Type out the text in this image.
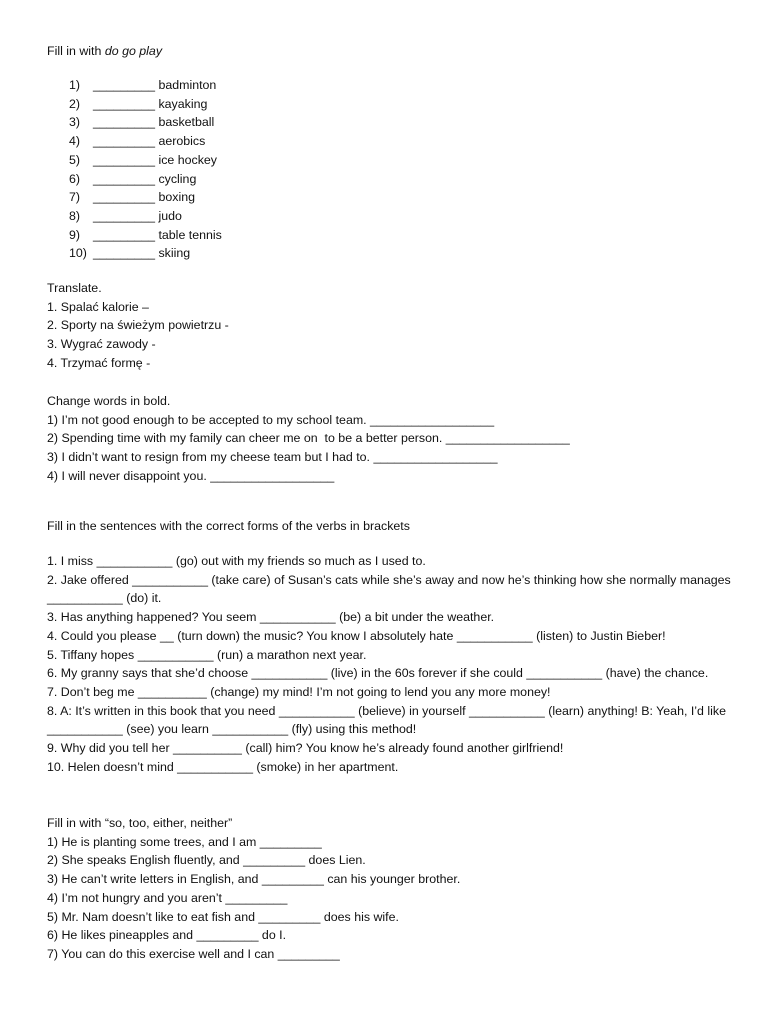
Fill in with do go play
1) _________ badminton
2) _________ kayaking
3) _________ basketball
4) _________ aerobics
5) _________ ice hockey
6) _________ cycling
7) _________ boxing
8) _________ judo
9) _________ table tennis
10) _________ skiing
Translate.
1. Spalać kalorie –
2. Sporty na świeżym powietrzu -
3. Wygrać zawody -
4. Trzymać formę -
Change words in bold.
1) I’m not good enough to be accepted to my school team. __________________
2) Spending time with my family can cheer me on  to be a better person. __________________
3) I didn’t want to resign from my cheese team but I had to. __________________
4) I will never disappoint you. __________________
Fill in the sentences with the correct forms of the verbs in brackets
1. I miss ___________ (go) out with my friends so much as I used to.
2. Jake offered ___________ (take care) of Susan’s cats while she’s away and now he’s thinking how she normally manages ___________ (do) it.
3. Has anything happened? You seem ___________ (be) a bit under the weather.
4. Could you please __ (turn down) the music? You know I absolutely hate ___________ (listen) to Justin Bieber!
5. Tiffany hopes ___________ (run) a marathon next year.
6. My granny says that she’d choose ___________ (live) in the 60s forever if she could ___________ (have) the chance.
7. Don’t beg me __________ (change) my mind! I’m not going to lend you any more money!
8. A: It’s written in this book that you need ___________ (believe) in yourself ___________ (learn) anything! B: Yeah, I’d like ___________ (see) you learn ___________ (fly) using this method!
9. Why did you tell her __________ (call) him? You know he’s already found another girlfriend!
10. Helen doesn’t mind ___________ (smoke) in her apartment.
Fill in with “so, too, either, neither”
1) He is planting some trees, and I am _________
2) She speaks English fluently, and _________ does Lien.
3) He can’t write letters in English, and _________ can his younger brother.
4) I’m not hungry and you aren’t _________
5) Mr. Nam doesn’t like to eat fish and _________ does his wife.
6) He likes pineapples and _________ do I.
7) You can do this exercise well and I can _________
